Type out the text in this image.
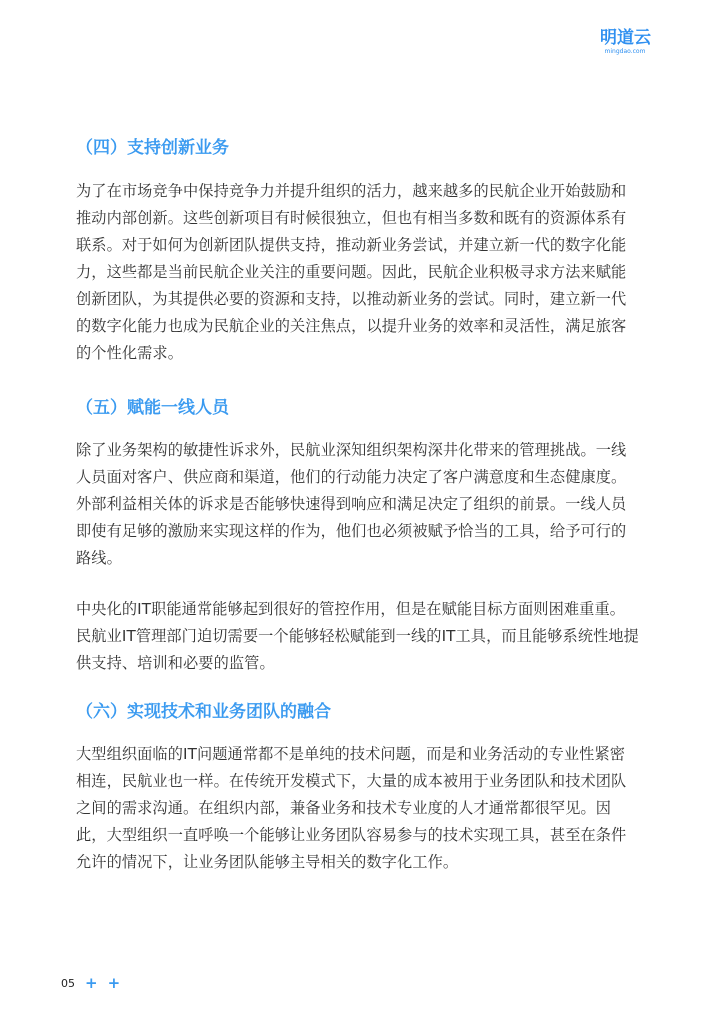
明道云
mingdao.com
（四）支持创新业务
为了在市场竞争中保持竞争力并提升组织的活力，越来越多的民航企业开始鼓励和
推动内部创新。这些创新项目有时候很独立，但也有相当多数和既有的资源体系有
联系。对于如何为创新团队提供支持，推动新业务尝试，并建立新一代的数字化能
力，这些都是当前民航企业关注的重要问题。因此，民航企业积极寻求方法来赋能
创新团队，为其提供必要的资源和支持，以推动新业务的尝试。同时，建立新一代
的数字化能力也成为民航企业的关注焦点，以提升业务的效率和灵活性，满足旅客
的个性化需求。
（五）赋能一线人员
除了业务架构的敏捷性诉求外，民航业深知组织架构深井化带来的管理挑战。一线
人员面对客户、供应商和渠道，他们的行动能力决定了客户满意度和生态健康度。
外部利益相关体的诉求是否能够快速得到响应和满足决定了组织的前景。一线人员
即使有足够的激励来实现这样的作为，他们也必须被赋予恰当的工具，给予可行的
路线。
中央化的IT职能通常能够起到很好的管控作用，但是在赋能目标方面则困难重重。
民航业IT管理部门迫切需要一个能够轻松赋能到一线的IT工具，而且能够系统性地提
供支持、培训和必要的监管。
（六）实现技术和业务团队的融合
大型组织面临的IT问题通常都不是单纯的技术问题，而是和业务活动的专业性紧密
相连，民航业也一样。在传统开发模式下，大量的成本被用于业务团队和技术团队
之间的需求沟通。在组织内部，兼备业务和技术专业度的人才通常都很罕见。因
此，大型组织一直呼唤一个能够让业务团队容易参与的技术实现工具，甚至在条件
允许的情况下，让业务团队能够主导相关的数字化工作。
05 + +
